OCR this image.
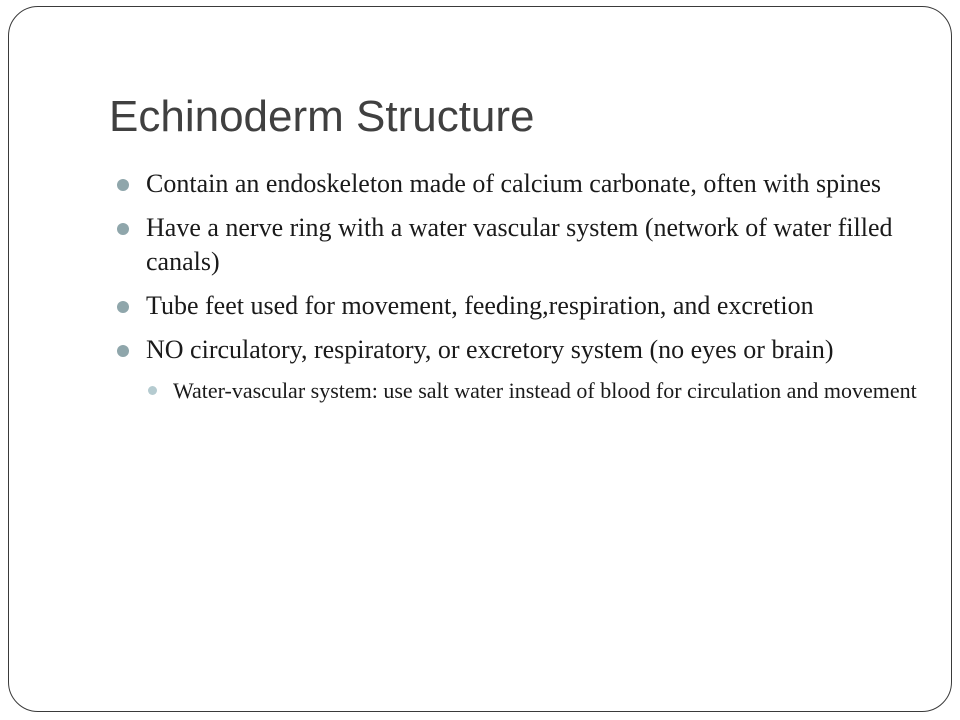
Echinoderm Structure
Contain an endoskeleton made of calcium carbonate, often with spines
Have a nerve ring with a water vascular system (network of water filled canals)
Tube feet used for movement, feeding,respiration, and excretion
NO circulatory, respiratory, or excretory system (no eyes or brain)
Water-vascular system: use salt water instead of blood for circulation and movement
